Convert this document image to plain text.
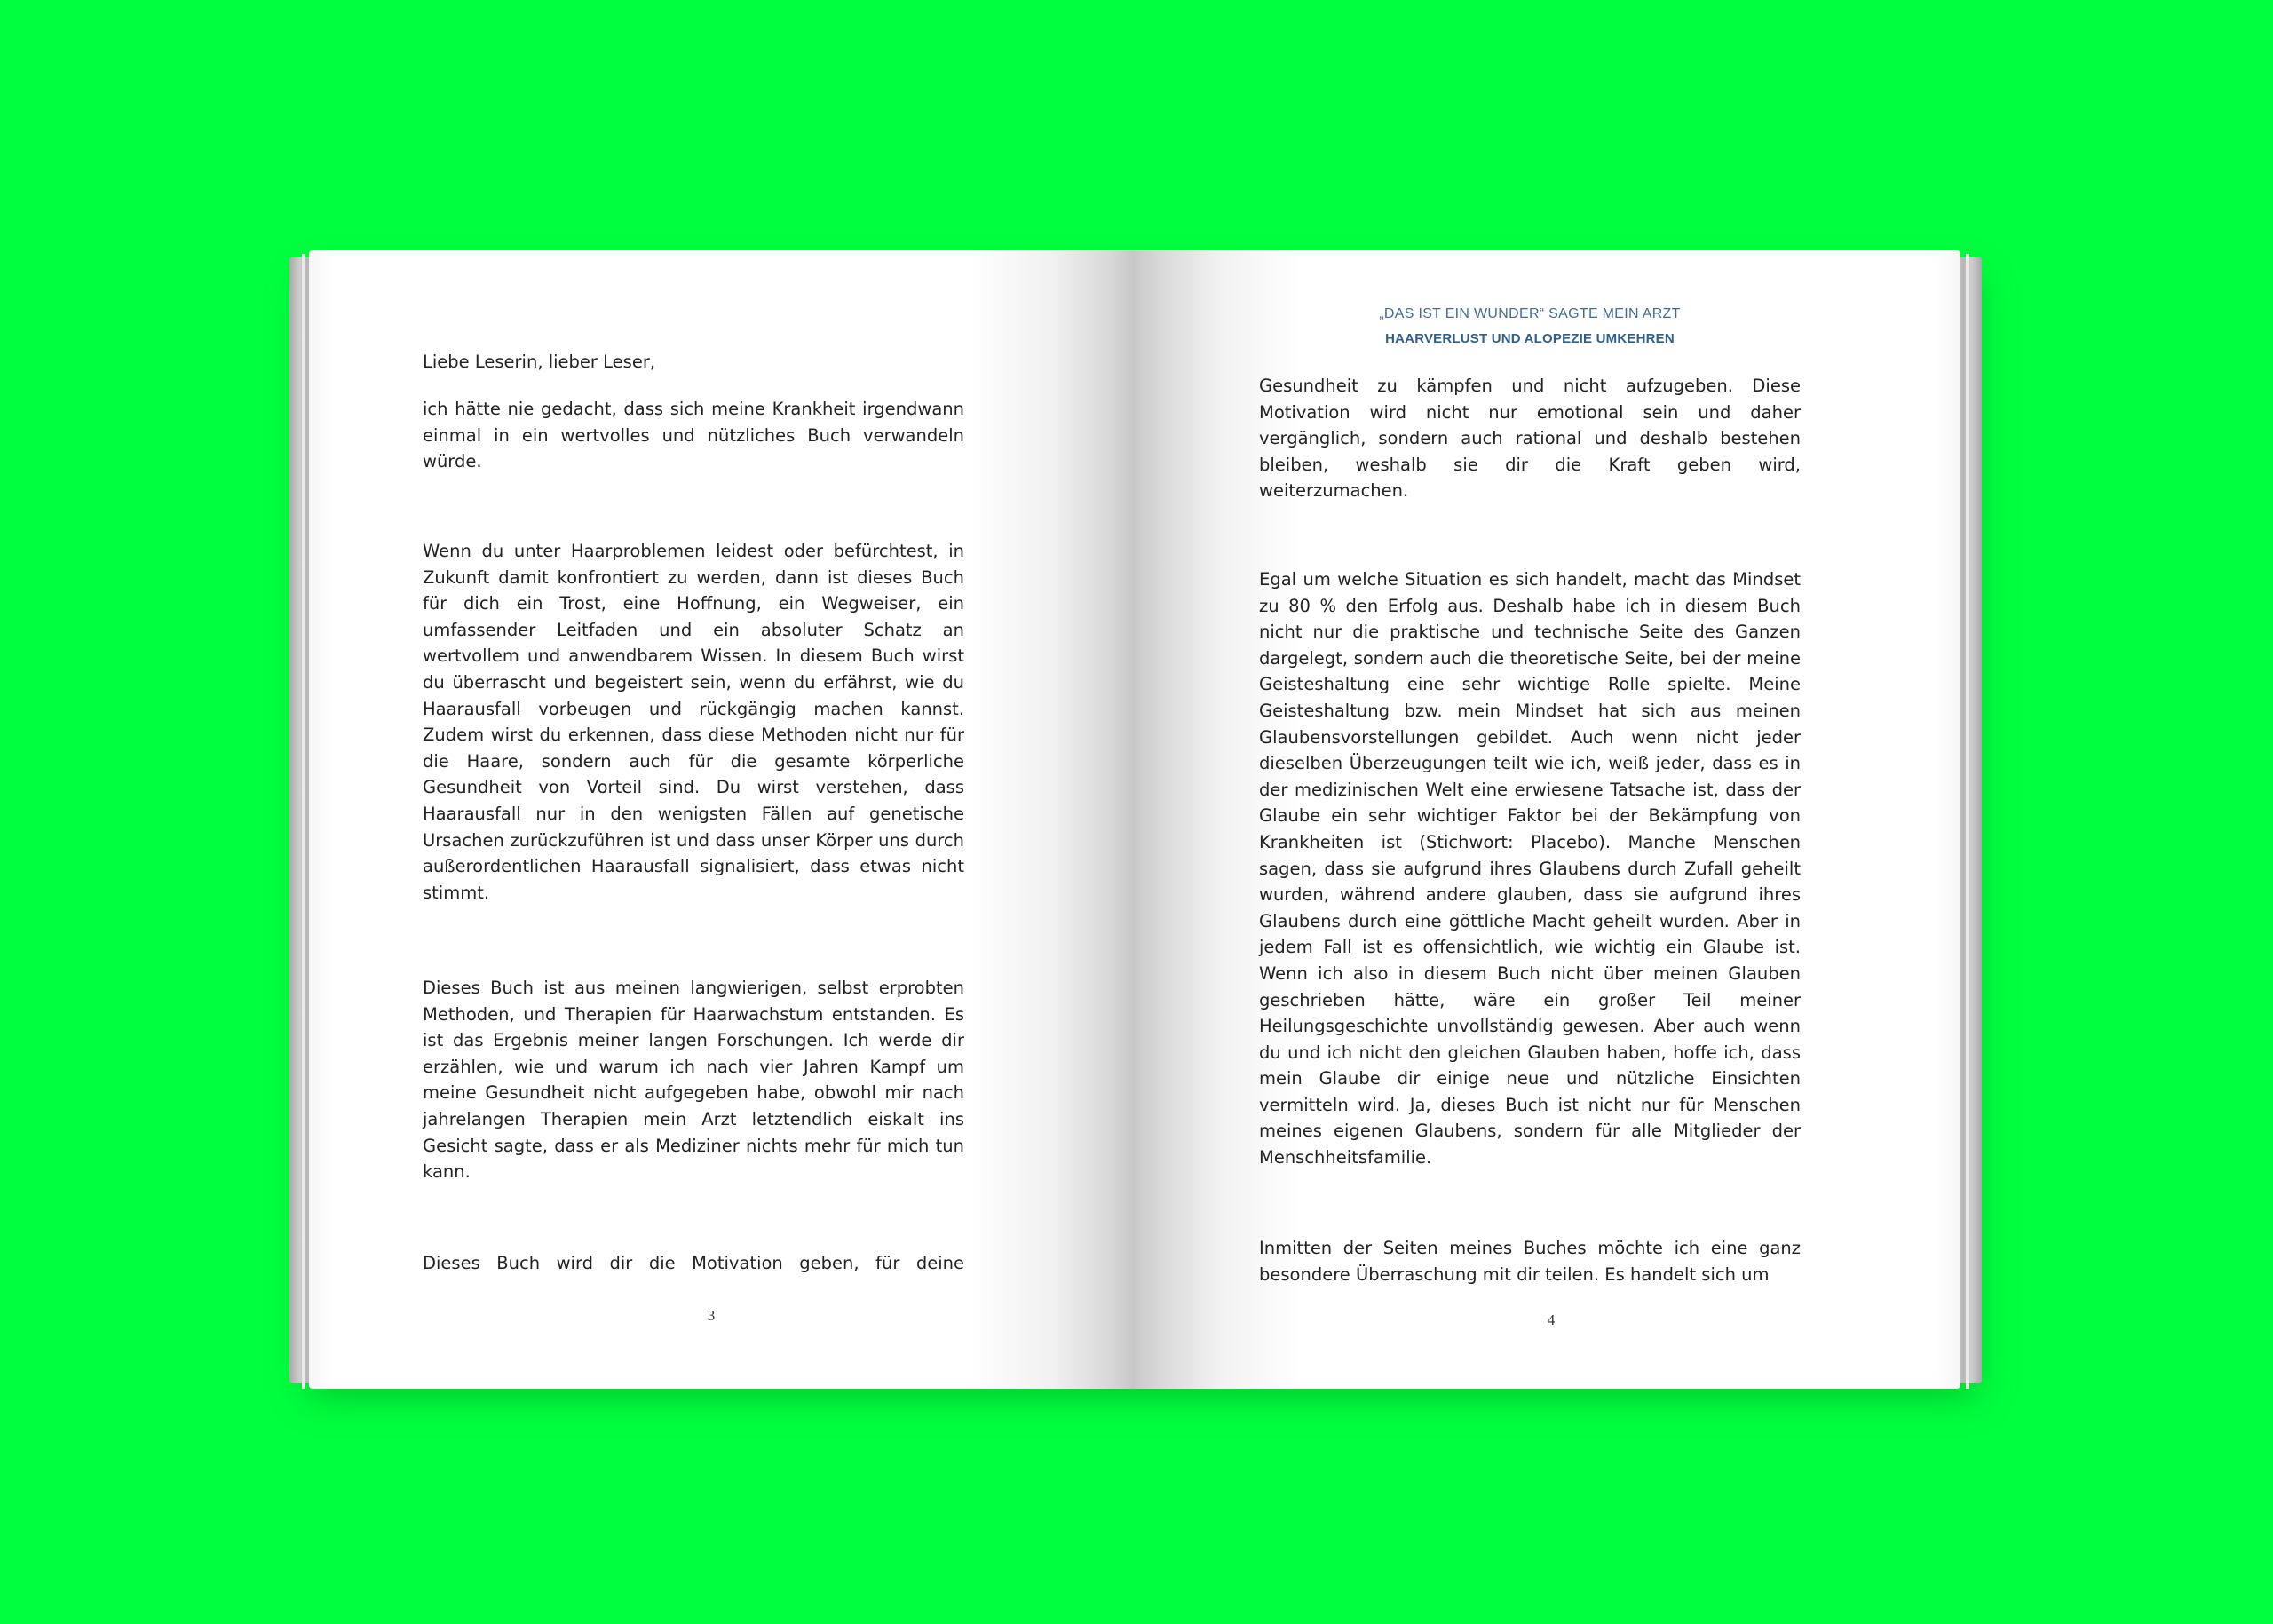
Liebe Leserin, lieber Leser,
ich hätte nie gedacht, dass sich meine Krankheit irgendwann einmal in ein wertvolles und nützliches Buch verwandeln würde.
Wenn du unter Haarproblemen leidest oder befürchtest, in Zukunft damit konfrontiert zu werden, dann ist dieses Buch für dich ein Trost, eine Hoffnung, ein Wegweiser, ein umfassender Leitfaden und ein absoluter Schatz an wertvollem und anwendbarem Wissen. In diesem Buch wirst du überrascht und begeistert sein, wenn du erfährst, wie du Haarausfall vorbeugen und rückgängig machen kannst. Zudem wirst du erkennen, dass diese Methoden nicht nur für die Haare, sondern auch für die gesamte körperliche Gesundheit von Vorteil sind. Du wirst verstehen, dass Haarausfall nur in den wenigsten Fällen auf genetische Ursachen zurückzuführen ist und dass unser Körper uns durch außerordentlichen Haarausfall signalisiert, dass etwas nicht stimmt.
Dieses Buch ist aus meinen langwierigen, selbst erprobten Methoden, und Therapien für Haarwachstum entstanden. Es ist das Ergebnis meiner langen Forschungen. Ich werde dir erzählen, wie und warum ich nach vier Jahren Kampf um meine Gesundheit nicht aufgegeben habe, obwohl mir nach jahrelangen Therapien mein Arzt letztendlich eiskalt ins Gesicht sagte, dass er als Mediziner nichts mehr für mich tun kann.
Dieses Buch wird dir die Motivation geben, für deine
3
„DAS IST EIN WUNDER“ SAGTE MEIN ARZT
HAARVERLUST UND ALOPEZIE UMKEHREN
Gesundheit zu kämpfen und nicht aufzugeben. Diese Motivation wird nicht nur emotional sein und daher vergänglich, sondern auch rational und deshalb bestehen bleiben, weshalb sie dir die Kraft geben wird, weiterzumachen.
Egal um welche Situation es sich handelt, macht das Mindset zu 80 % den Erfolg aus. Deshalb habe ich in diesem Buch nicht nur die praktische und technische Seite des Ganzen dargelegt, sondern auch die theoretische Seite, bei der meine Geisteshaltung eine sehr wichtige Rolle spielte. Meine Geisteshaltung bzw. mein Mindset hat sich aus meinen Glaubensvorstellungen gebildet. Auch wenn nicht jeder dieselben Überzeugungen teilt wie ich, weiß jeder, dass es in der medizinischen Welt eine erwiesene Tatsache ist, dass der Glaube ein sehr wichtiger Faktor bei der Bekämpfung von Krankheiten ist (Stichwort: Placebo). Manche Menschen sagen, dass sie aufgrund ihres Glaubens durch Zufall geheilt wurden, während andere glauben, dass sie aufgrund ihres Glaubens durch eine göttliche Macht geheilt wurden. Aber in jedem Fall ist es offensichtlich, wie wichtig ein Glaube ist. Wenn ich also in diesem Buch nicht über meinen Glauben geschrieben hätte, wäre ein großer Teil meiner Heilungsgeschichte unvollständig gewesen. Aber auch wenn du und ich nicht den gleichen Glauben haben, hoffe ich, dass mein Glaube dir einige neue und nützliche Einsichten vermitteln wird. Ja, dieses Buch ist nicht nur für Menschen meines eigenen Glaubens, sondern für alle Mitglieder der Menschheitsfamilie.
Inmitten der Seiten meines Buches möchte ich eine ganz besondere Überraschung mit dir teilen. Es handelt sich um
4
